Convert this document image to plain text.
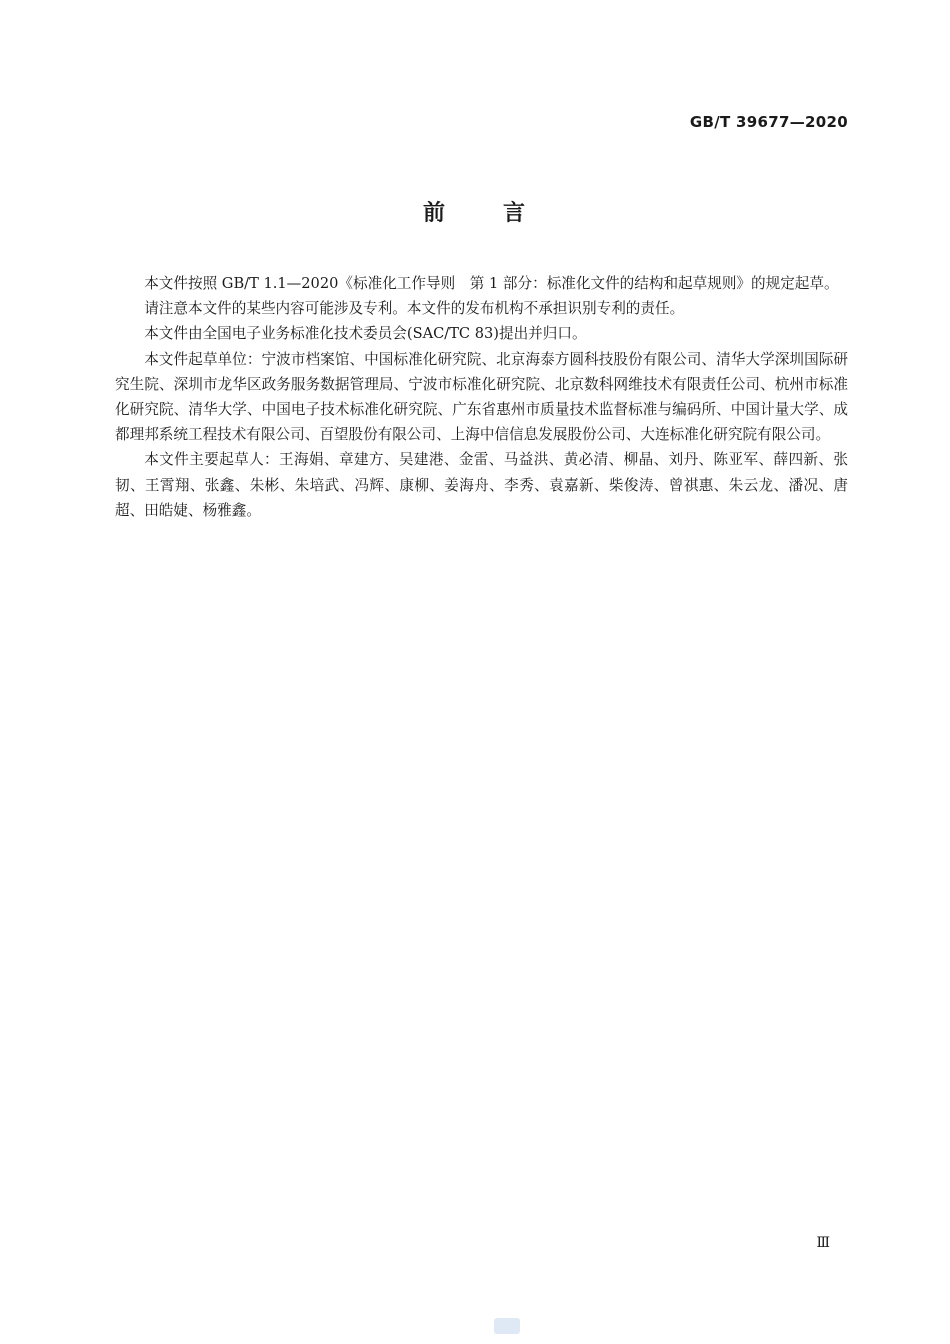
GB/T 39677—2020
前	言

本文件按照 GB/T 1.1—2020《标准化工作导则　第 1 部分：标准化文件的结构和起草规则》的规定起草。

请注意本文件的某些内容可能涉及专利。本文件的发布机构不承担识别专利的责任。

本文件由全国电子业务标准化技术委员会(SAC/TC 83)提出并归口。

本文件起草单位：宁波市档案馆、中国标准化研究院、北京海泰方圆科技股份有限公司、清华大学深圳国际研究生院、深圳市龙华区政务服务数据管理局、宁波市标准化研究院、北京数科网维技术有限责任公司、杭州市标准化研究院、清华大学、中国电子技术标准化研究院、广东省惠州市质量技术监督标准与编码所、中国计量大学、成都理邦系统工程技术有限公司、百望股份有限公司、上海中信信息发展股份公司、大连标准化研究院有限公司。

本文件主要起草人：王海娟、章建方、吴建港、金雷、马益洪、黄必清、柳晶、刘丹、陈亚军、薛四新、张韧、王霄翔、张鑫、朱彬、朱培武、冯辉、康柳、姜海舟、李秀、袁嘉新、柴俊涛、曾祺惠、朱云龙、潘况、唐超、田皓婕、杨雅鑫。

Ⅲ
